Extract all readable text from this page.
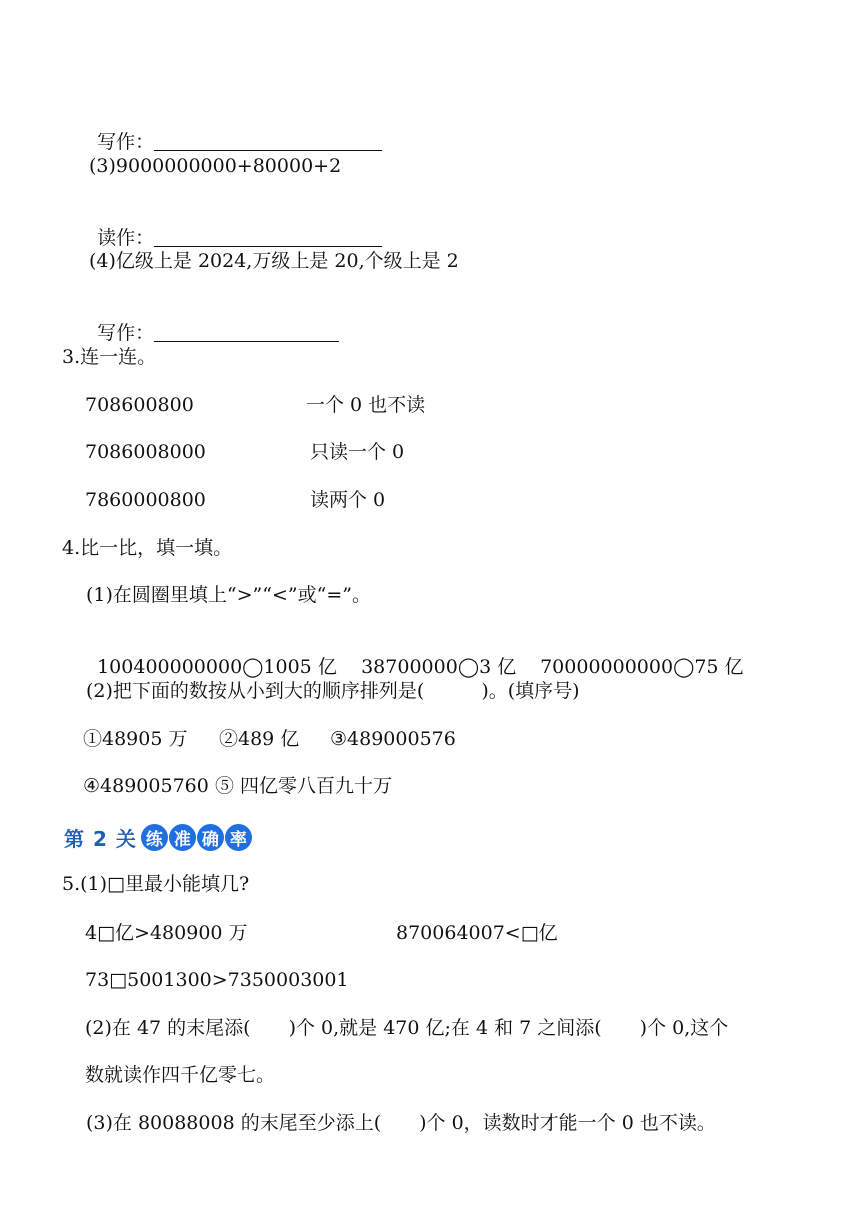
写作：

(3)9000000000+80000+2

读作：

(4)亿级上是 2024,万级上是 20,个级上是 2

写作：

3.连一连。
708600800	一个 0 也不读
7086008000	只读一个 0
7860000800	读两个 0
4.比一比，填一填。
(1)在圆圈里填上“>”“<”或“=”。

100400000000◯1005 亿	38700000◯3 亿	70000000000◯75 亿

(2)把下面的数按从小到大的顺序排列是(　　　)。(填序号)
①48905 万 ②489 亿 ③489000576
④489005760 ⑤ 四亿零八百九十万
第 2 关 练 准 确 率
5.(1)□里最小能填几?
4□亿>480900 万	870064007<□亿
73□5001300>7350003001
(2)在 47 的末尾添(　　)个 0,就是 470 亿;在 4 和 7 之间添(　　)个 0,这个
数就读作四千亿零七。
(3)在 80088008 的末尾至少添上(　　)个 0，读数时才能一个 0 也不读。
